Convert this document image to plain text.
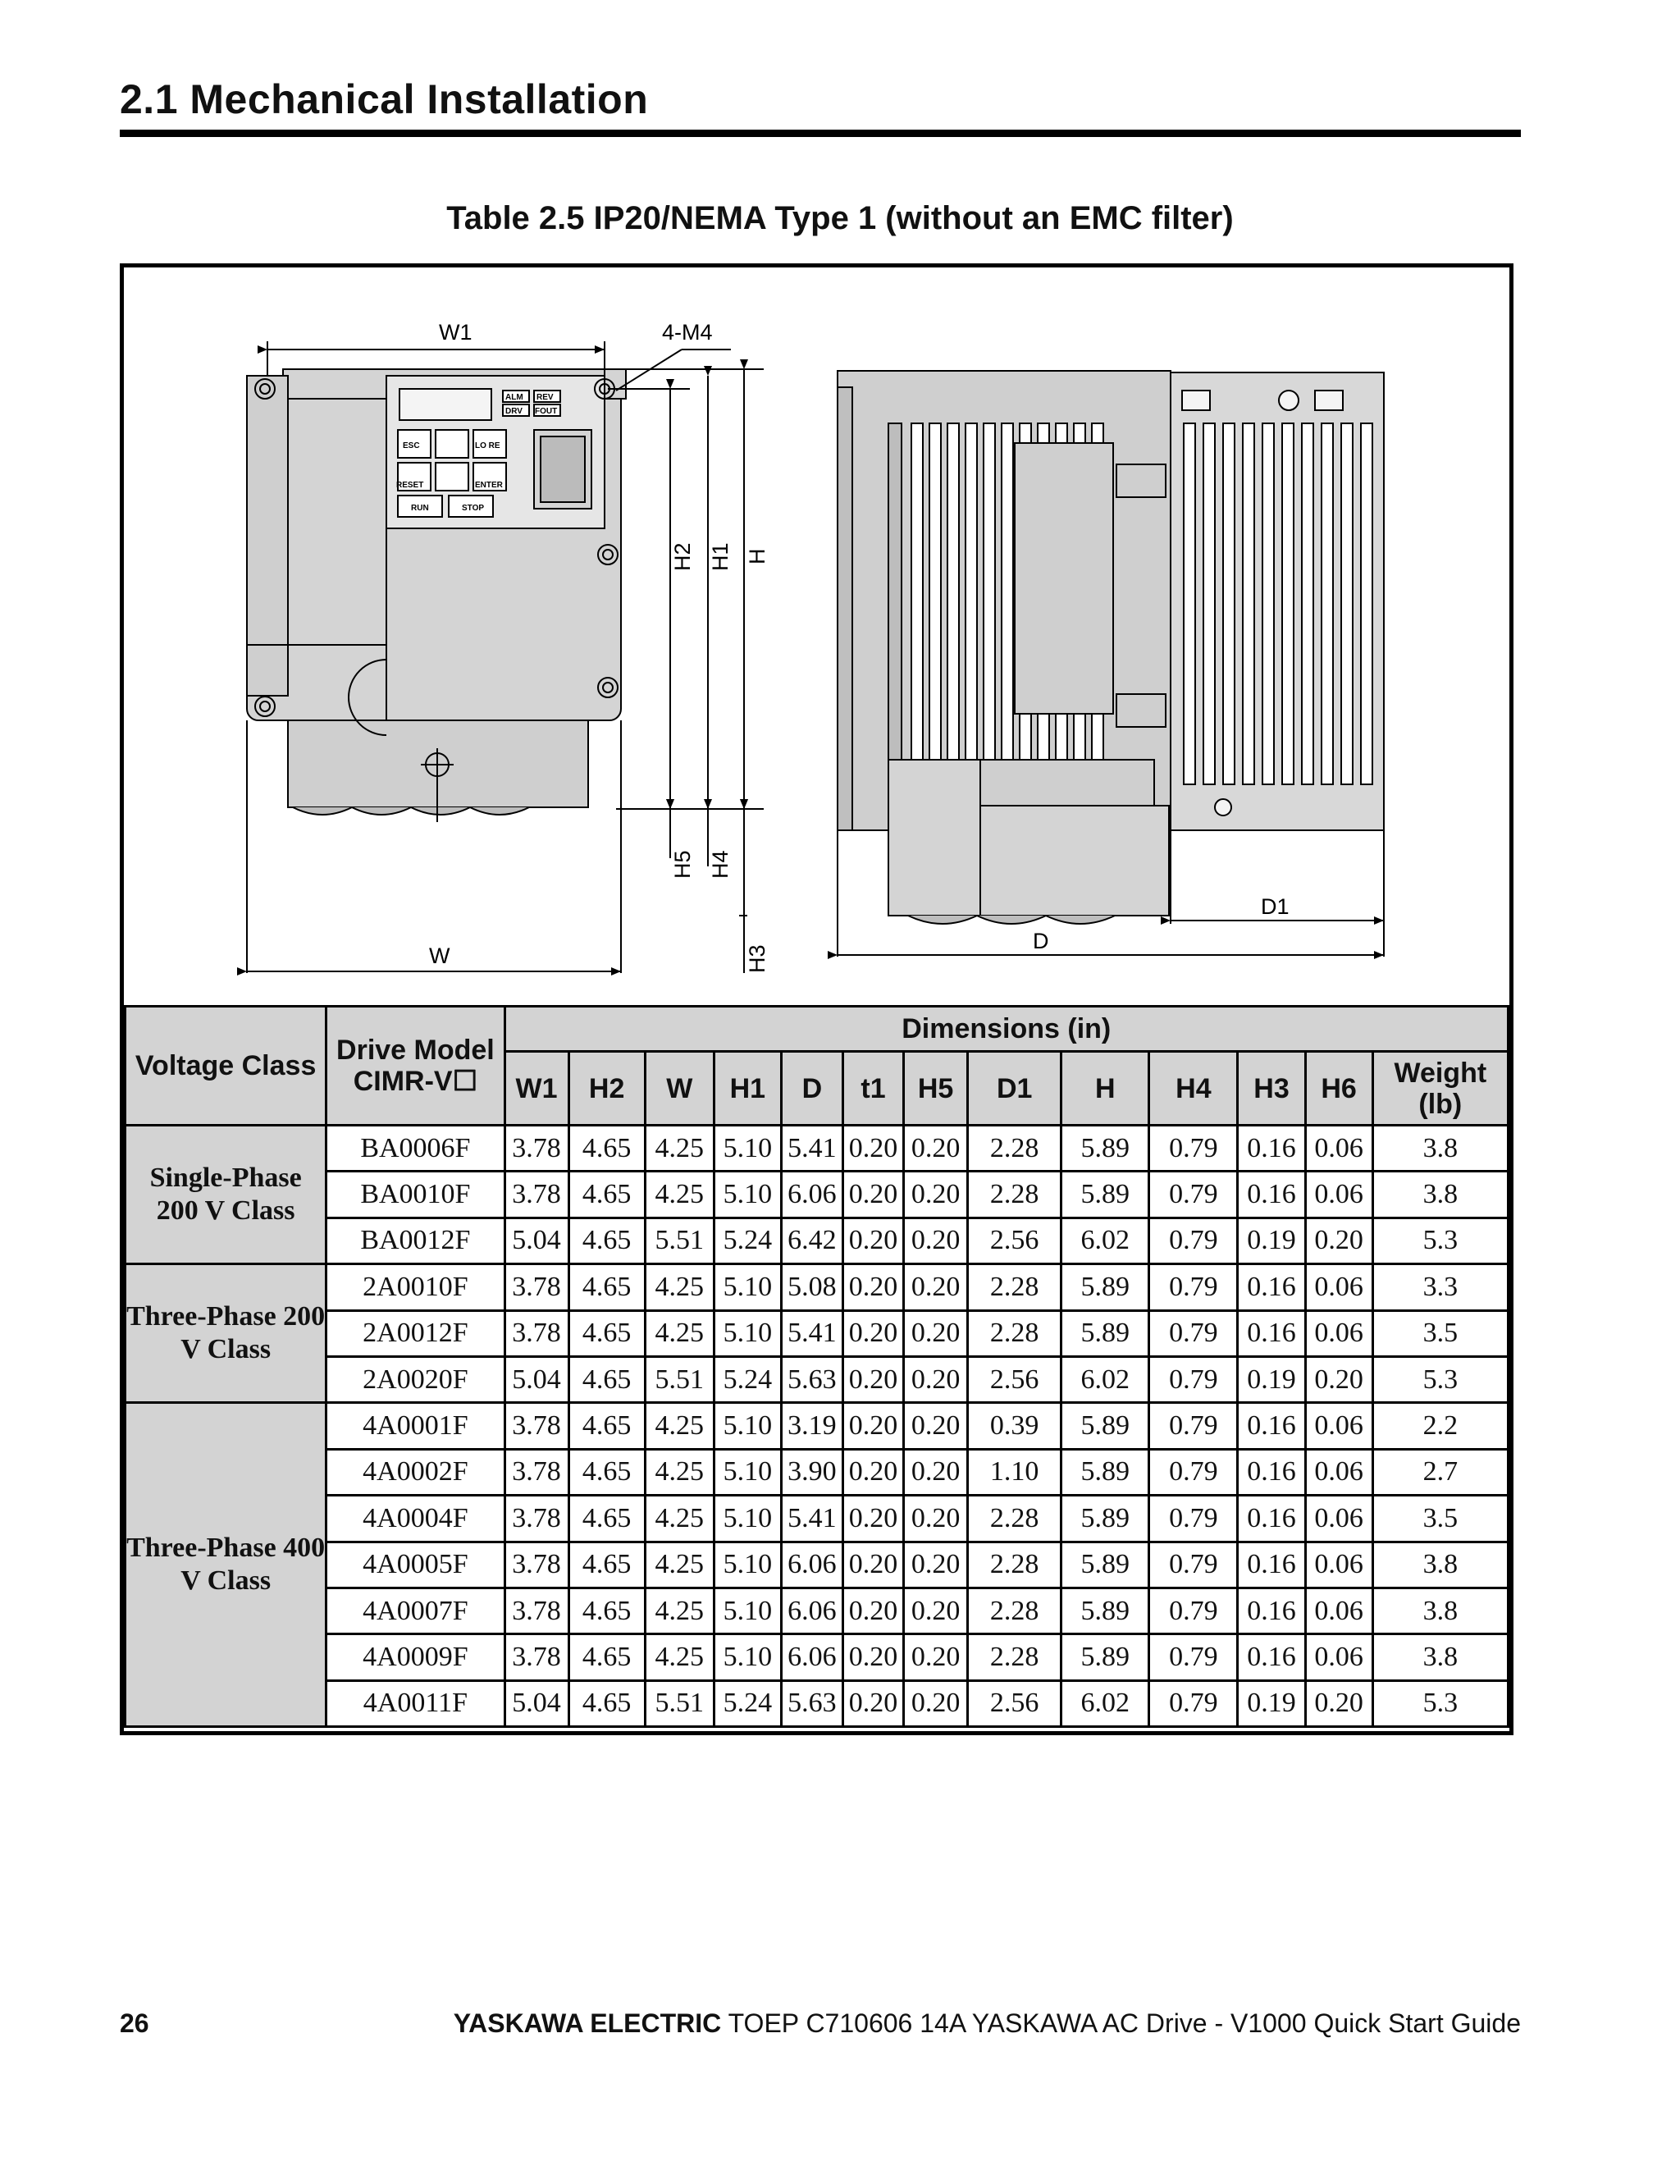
2.1 Mechanical Installation
Table 2.5 IP20/NEMA Type 1 (without an EMC filter)
W1	4-M4
W
D
D1
H2 H1 H
H5 H4
H3
ALM REV
DRV FOUT
ESC	LO RE
RESET	ENTER
RUN	STOP
Voltage Class	Drive Model CIMR-V☐	Dimensions (in)												
		W1	H2	W	H1	D	t1	H5	D1	H	H4	H3	H6	Weight (lb)
Single-Phase 200 V Class	BA0006F	3.78	4.65	4.25	5.10	5.41	0.20	0.20	2.28	5.89	0.79	0.16	0.06	3.8
	BA0010F	3.78	4.65	4.25	5.10	6.06	0.20	0.20	2.28	5.89	0.79	0.16	0.06	3.8
	BA0012F	5.04	4.65	5.51	5.24	6.42	0.20	0.20	2.56	6.02	0.79	0.19	0.20	5.3
Three-Phase 200 V Class	2A0010F	3.78	4.65	4.25	5.10	5.08	0.20	0.20	2.28	5.89	0.79	0.16	0.06	3.3
	2A0012F	3.78	4.65	4.25	5.10	5.41	0.20	0.20	2.28	5.89	0.79	0.16	0.06	3.5
	2A0020F	5.04	4.65	5.51	5.24	5.63	0.20	0.20	2.56	6.02	0.79	0.19	0.20	5.3
Three-Phase 400 V Class	4A0001F	3.78	4.65	4.25	5.10	3.19	0.20	0.20	0.39	5.89	0.79	0.16	0.06	2.2
	4A0002F	3.78	4.65	4.25	5.10	3.90	0.20	0.20	1.10	5.89	0.79	0.16	0.06	2.7
	4A0004F	3.78	4.65	4.25	5.10	5.41	0.20	0.20	2.28	5.89	0.79	0.16	0.06	3.5
	4A0005F	3.78	4.65	4.25	5.10	6.06	0.20	0.20	2.28	5.89	0.79	0.16	0.06	3.8
	4A0007F	3.78	4.65	4.25	5.10	6.06	0.20	0.20	2.28	5.89	0.79	0.16	0.06	3.8
	4A0009F	3.78	4.65	4.25	5.10	6.06	0.20	0.20	2.28	5.89	0.79	0.16	0.06	3.8
	4A0011F	5.04	4.65	5.51	5.24	5.63	0.20	0.20	2.56	6.02	0.79	0.19	0.20	5.3
26	YASKAWA ELECTRIC TOEP C710606 14A YASKAWA AC Drive - V1000 Quick Start Guide
